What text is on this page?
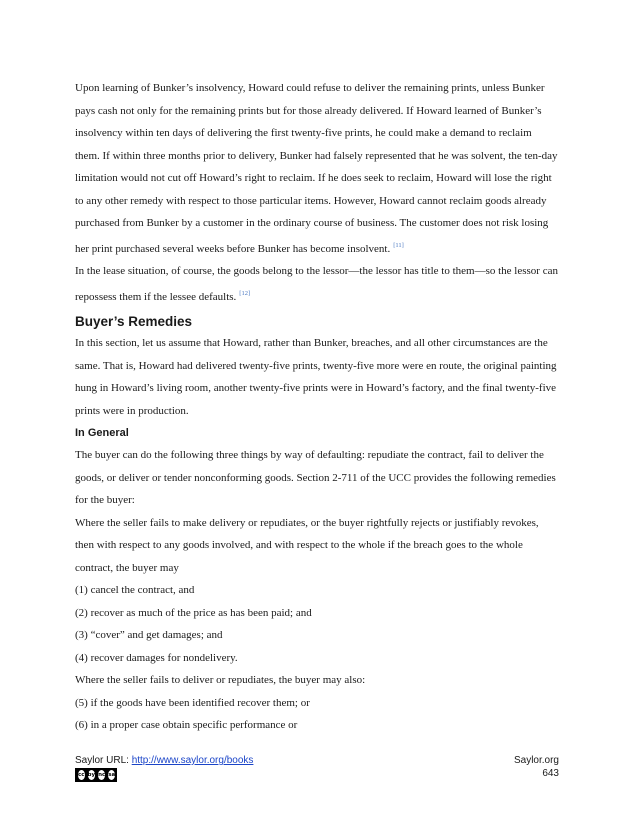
Upon learning of Bunker’s insolvency, Howard could refuse to deliver the remaining prints, unless Bunker pays cash not only for the remaining prints but for those already delivered. If Howard learned of Bunker’s insolvency within ten days of delivering the first twenty-five prints, he could make a demand to reclaim them. If within three months prior to delivery, Bunker had falsely represented that he was solvent, the ten-day limitation would not cut off Howard’s right to reclaim. If he does seek to reclaim, Howard will lose the right to any other remedy with respect to those particular items. However, Howard cannot reclaim goods already purchased from Bunker by a customer in the ordinary course of business. The customer does not risk losing her print purchased several weeks before Bunker has become insolvent. [11]

In the lease situation, of course, the goods belong to the lessor—the lessor has title to them—so the lessor can repossess them if the lessee defaults. [12]

Buyer’s Remedies

In this section, let us assume that Howard, rather than Bunker, breaches, and all other circumstances are the same. That is, Howard had delivered twenty-five prints, twenty-five more were en route, the original painting hung in Howard’s living room, another twenty-five prints were in Howard’s factory, and the final twenty-five prints were in production.

In General

The buyer can do the following three things by way of defaulting: repudiate the contract, fail to deliver the goods, or deliver or tender nonconforming goods. Section 2-711 of the UCC provides the following remedies for the buyer:

Where the seller fails to make delivery or repudiates, or the buyer rightfully rejects or justifiably revokes, then with respect to any goods involved, and with respect to the whole if the breach goes to the whole contract, the buyer may

(1) cancel the contract, and

(2) recover as much of the price as has been paid; and

(3) “cover” and get damages; and

(4) recover damages for nondelivery.

Where the seller fails to deliver or repudiates, the buyer may also:

(5) if the goods have been identified recover them; or

(6) in a proper case obtain specific performance or

Saylor URL: http://www.saylor.org/books	Saylor.org
643
cc by nc sa
